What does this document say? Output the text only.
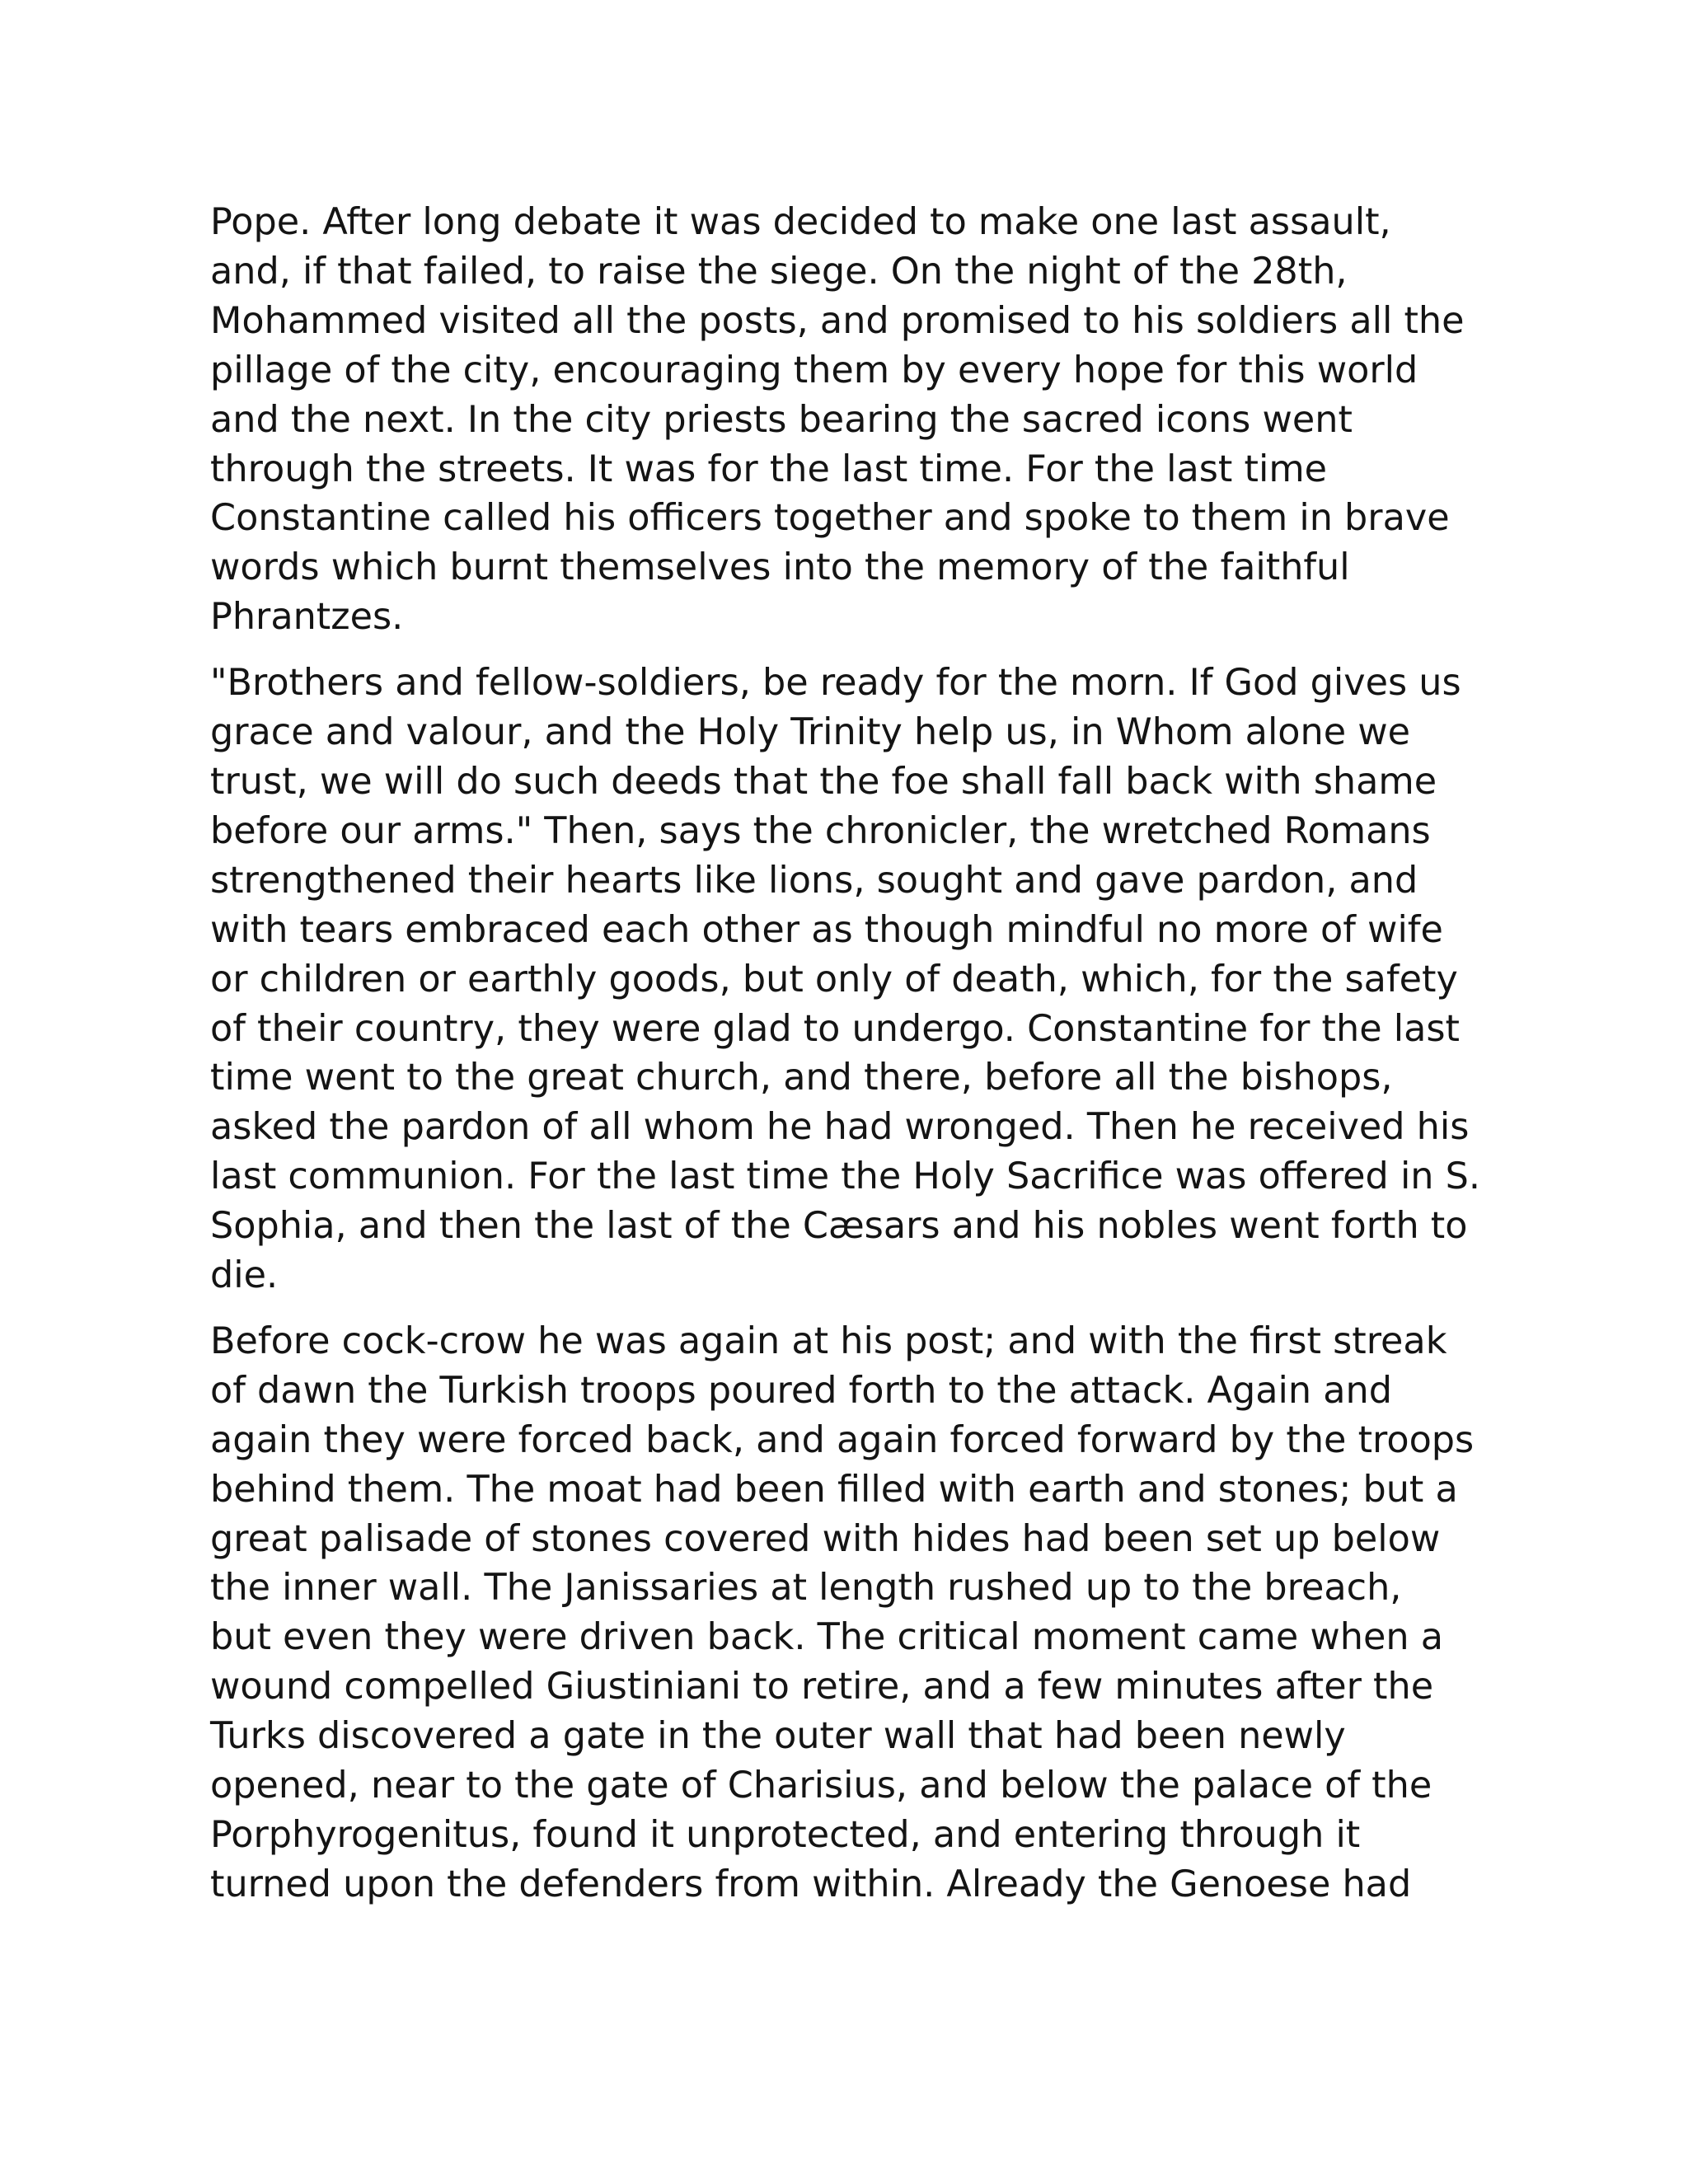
Pope. After long debate it was decided to make one last assault,
and, if that failed, to raise the siege. On the night of the 28th,
Mohammed visited all the posts, and promised to his soldiers all the
pillage of the city, encouraging them by every hope for this world
and the next. In the city priests bearing the sacred icons went
through the streets. It was for the last time. For the last time
Constantine called his officers together and spoke to them in brave
words which burnt themselves into the memory of the faithful
Phrantzes.

"Brothers and fellow-soldiers, be ready for the morn. If God gives us
grace and valour, and the Holy Trinity help us, in Whom alone we
trust, we will do such deeds that the foe shall fall back with shame
before our arms." Then, says the chronicler, the wretched Romans
strengthened their hearts like lions, sought and gave pardon, and
with tears embraced each other as though mindful no more of wife
or children or earthly goods, but only of death, which, for the safety
of their country, they were glad to undergo. Constantine for the last
time went to the great church, and there, before all the bishops,
asked the pardon of all whom he had wronged. Then he received his
last communion. For the last time the Holy Sacrifice was offered in S.
Sophia, and then the last of the Cæsars and his nobles went forth to
die.

Before cock-crow he was again at his post; and with the first streak
of dawn the Turkish troops poured forth to the attack. Again and
again they were forced back, and again forced forward by the troops
behind them. The moat had been filled with earth and stones; but a
great palisade of stones covered with hides had been set up below
the inner wall. The Janissaries at length rushed up to the breach,
but even they were driven back. The critical moment came when a
wound compelled Giustiniani to retire, and a few minutes after the
Turks discovered a gate in the outer wall that had been newly
opened, near to the gate of Charisius, and below the palace of the
Porphyrogenitus, found it unprotected, and entering through it
turned upon the defenders from within. Already the Genoese had
